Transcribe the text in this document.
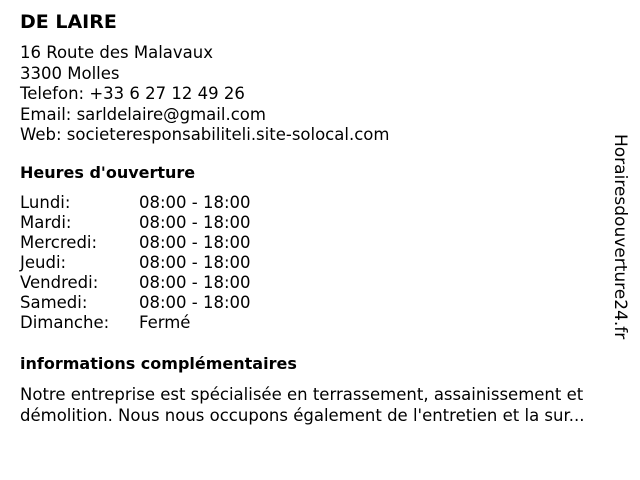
DE LAIRE
16 Route des Malavaux
3300 Molles
Telefon: +33 6 27 12 49 26
Email: sarldelaire@gmail.com
Web: societeresponsabiliteli.site-solocal.com
Heures d'ouverture
Lundi:	08:00 - 18:00
Mardi:	08:00 - 18:00
Mercredi:	08:00 - 18:00
Jeudi:	08:00 - 18:00
Vendredi:	08:00 - 18:00
Samedi:	08:00 - 18:00
Dimanche:	Fermé
informations complémentaires
Notre entreprise est spécialisée en terrassement, assainissement et
démolition. Nous nous occupons également de l'entretien et la sur...
Horairesdouverture24.fr
